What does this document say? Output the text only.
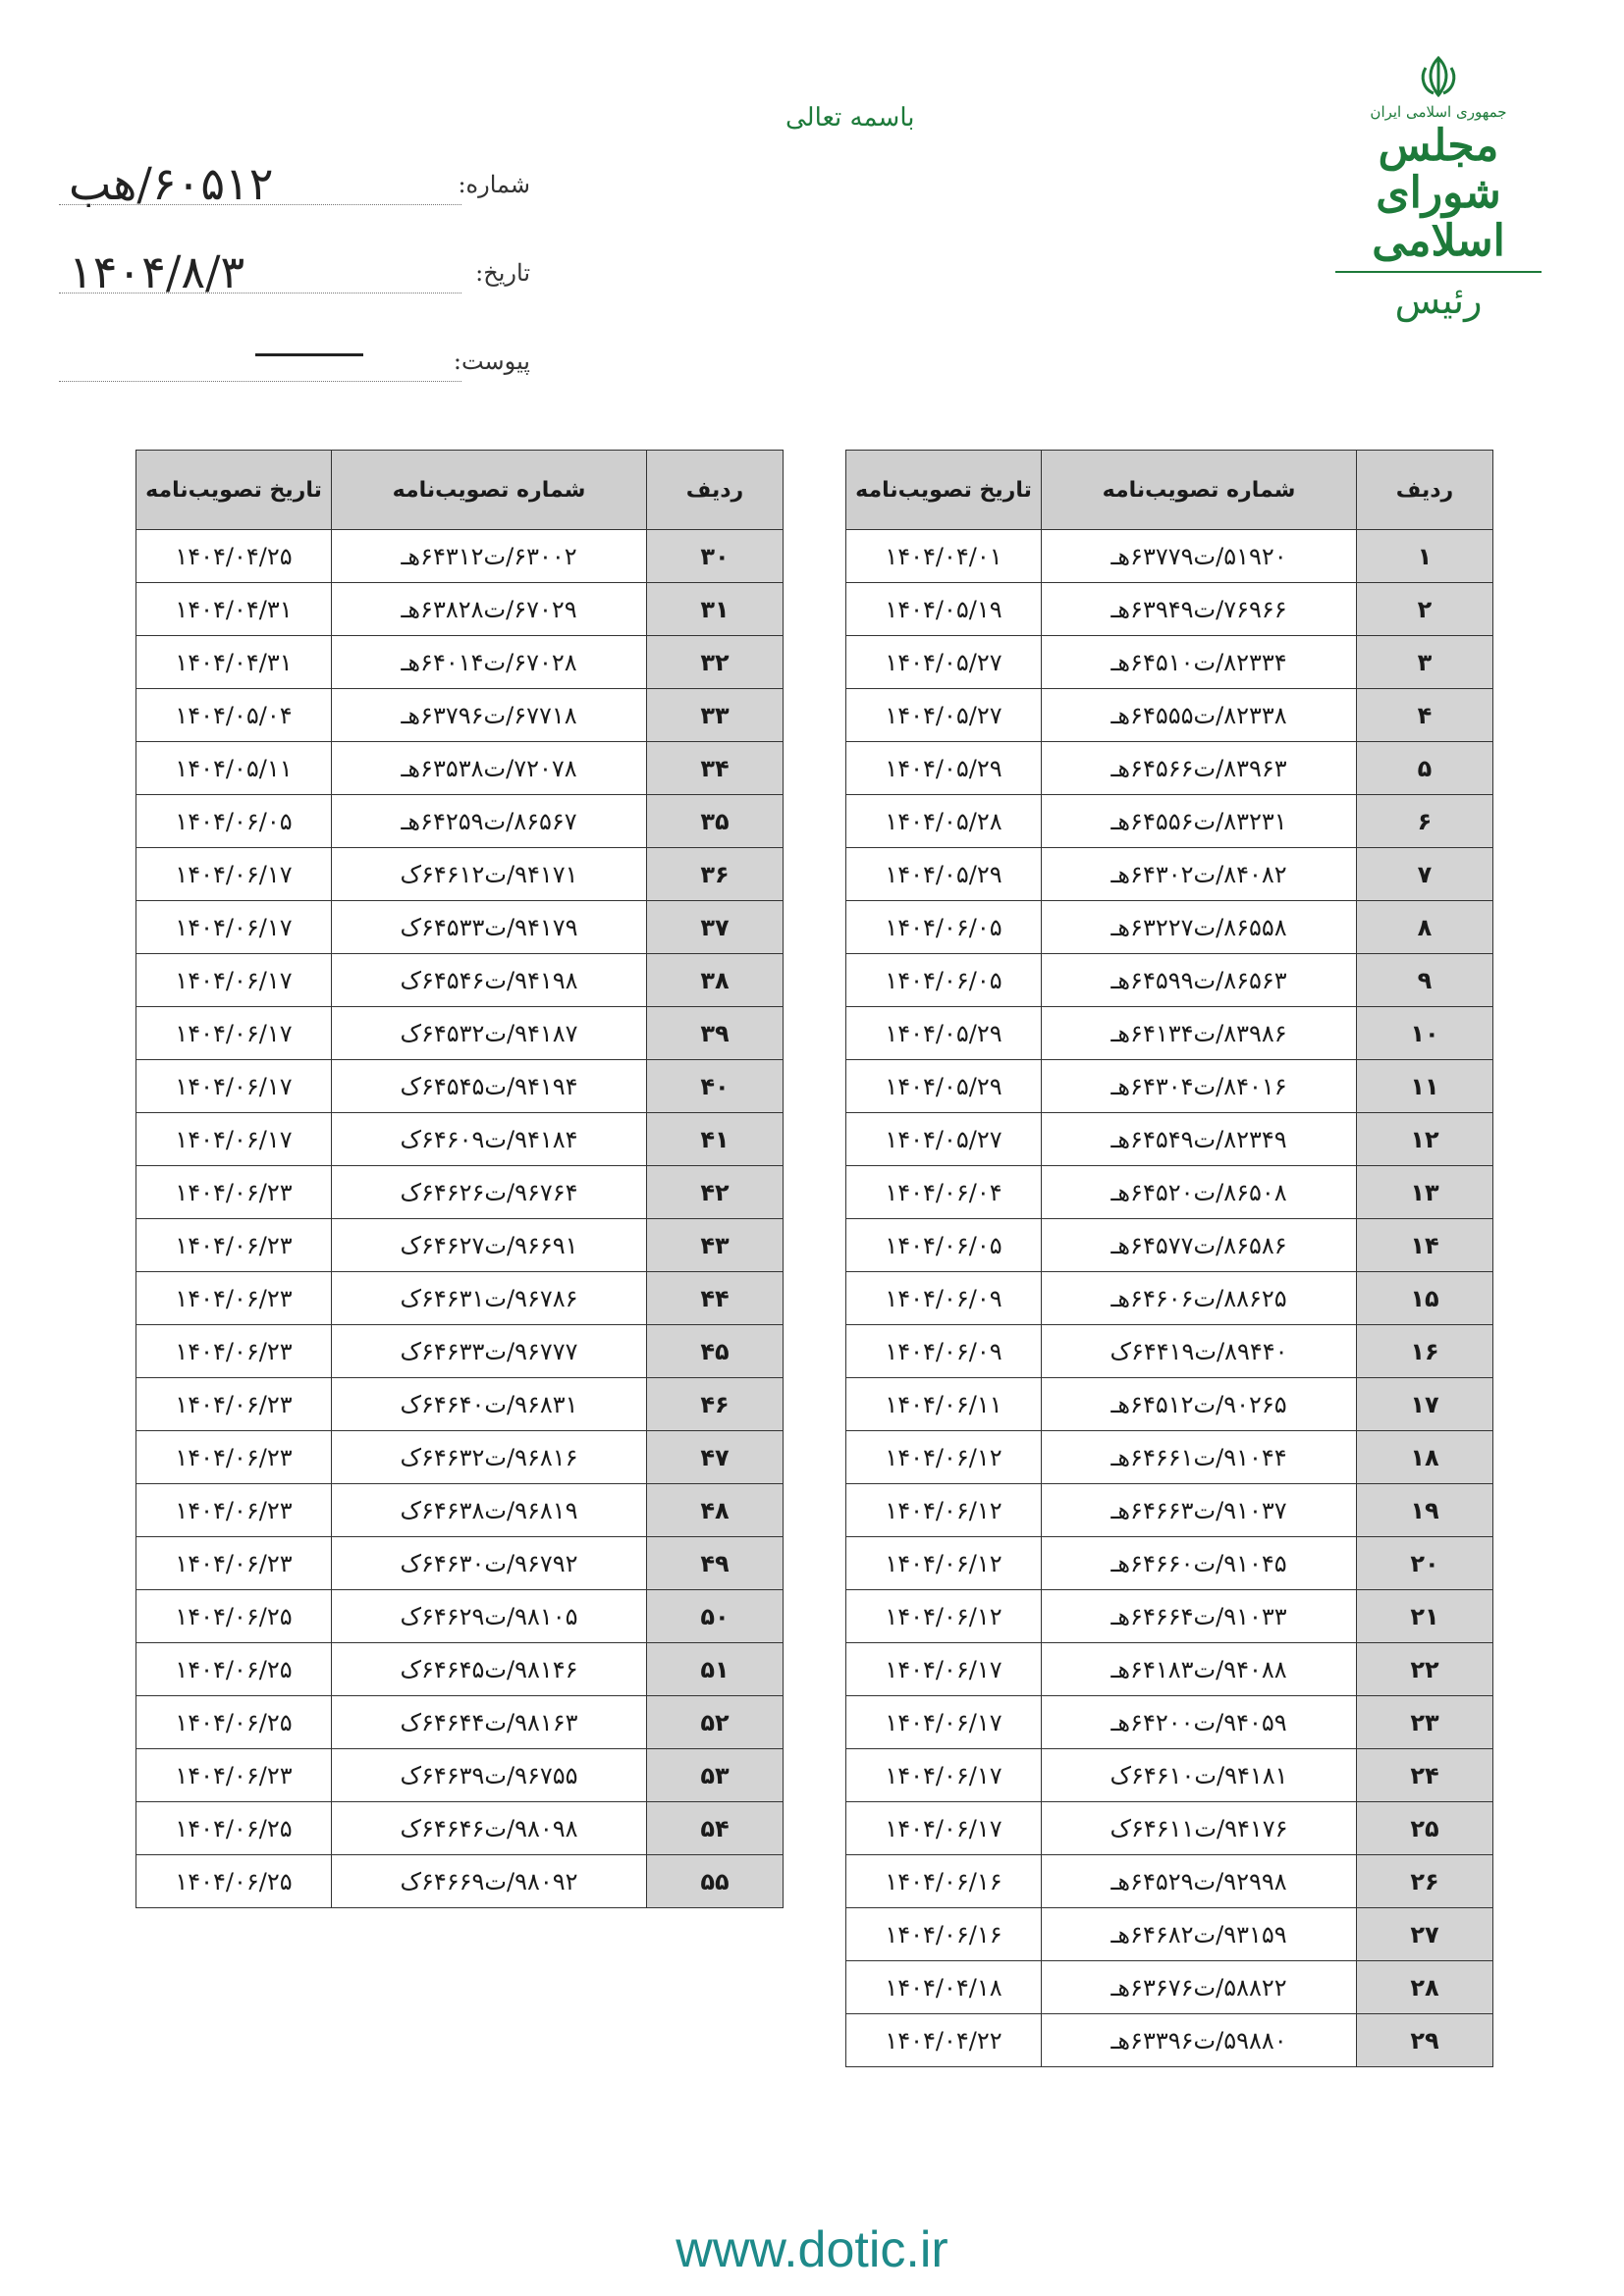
جمهوری اسلامی ایران
مجلس شورای اسلامی
رئیس
باسمه تعالی
شماره:
۶۰۵۱۲/هب
تاریخ:
۱۴۰۴/۸/۳
پیوست:

ردیف	شماره تصویب‌نامه	تاریخ تصویب‌نامه
۱	۵۱۹۲۰/ت۶۳۷۷۹هـ	۱۴۰۴/۰۴/۰۱
۲	۷۶۹۶۶/ت۶۳۹۴۹هـ	۱۴۰۴/۰۵/۱۹
۳	۸۲۳۳۴/ت۶۴۵۱۰هـ	۱۴۰۴/۰۵/۲۷
۴	۸۲۳۳۸/ت۶۴۵۵۵هـ	۱۴۰۴/۰۵/۲۷
۵	۸۳۹۶۳/ت۶۴۵۶۶هـ	۱۴۰۴/۰۵/۲۹
۶	۸۳۲۳۱/ت۶۴۵۵۶هـ	۱۴۰۴/۰۵/۲۸
۷	۸۴۰۸۲/ت۶۴۳۰۲هـ	۱۴۰۴/۰۵/۲۹
۸	۸۶۵۵۸/ت۶۳۲۲۷هـ	۱۴۰۴/۰۶/۰۵
۹	۸۶۵۶۳/ت۶۴۵۹۹هـ	۱۴۰۴/۰۶/۰۵
۱۰	۸۳۹۸۶/ت۶۴۱۳۴هـ	۱۴۰۴/۰۵/۲۹
۱۱	۸۴۰۱۶/ت۶۴۳۰۴هـ	۱۴۰۴/۰۵/۲۹
۱۲	۸۲۳۴۹/ت۶۴۵۴۹هـ	۱۴۰۴/۰۵/۲۷
۱۳	۸۶۵۰۸/ت۶۴۵۲۰هـ	۱۴۰۴/۰۶/۰۴
۱۴	۸۶۵۸۶/ت۶۴۵۷۷هـ	۱۴۰۴/۰۶/۰۵
۱۵	۸۸۶۲۵/ت۶۴۶۰۶هـ	۱۴۰۴/۰۶/۰۹
۱۶	۸۹۴۴۰/ت۶۴۴۱۹ک	۱۴۰۴/۰۶/۰۹
۱۷	۹۰۲۶۵/ت۶۴۵۱۲هـ	۱۴۰۴/۰۶/۱۱
۱۸	۹۱۰۴۴/ت۶۴۶۶۱هـ	۱۴۰۴/۰۶/۱۲
۱۹	۹۱۰۳۷/ت۶۴۶۶۳هـ	۱۴۰۴/۰۶/۱۲
۲۰	۹۱۰۴۵/ت۶۴۶۶۰هـ	۱۴۰۴/۰۶/۱۲
۲۱	۹۱۰۳۳/ت۶۴۶۶۴هـ	۱۴۰۴/۰۶/۱۲
۲۲	۹۴۰۸۸/ت۶۴۱۸۳هـ	۱۴۰۴/۰۶/۱۷
۲۳	۹۴۰۵۹/ت۶۴۲۰۰هـ	۱۴۰۴/۰۶/۱۷
۲۴	۹۴۱۸۱/ت۶۴۶۱۰ک	۱۴۰۴/۰۶/۱۷
۲۵	۹۴۱۷۶/ت۶۴۶۱۱ک	۱۴۰۴/۰۶/۱۷
۲۶	۹۲۹۹۸/ت۶۴۵۲۹هـ	۱۴۰۴/۰۶/۱۶
۲۷	۹۳۱۵۹/ت۶۴۶۸۲هـ	۱۴۰۴/۰۶/۱۶
۲۸	۵۸۸۲۲/ت۶۳۶۷۶هـ	۱۴۰۴/۰۴/۱۸
۲۹	۵۹۸۸۰/ت۶۳۳۹۶هـ	۱۴۰۴/۰۴/۲۲
ردیف	شماره تصویب‌نامه	تاریخ تصویب‌نامه
۳۰	۶۳۰۰۲/ت۶۴۳۱۲هـ	۱۴۰۴/۰۴/۲۵
۳۱	۶۷۰۲۹/ت۶۳۸۲۸هـ	۱۴۰۴/۰۴/۳۱
۳۲	۶۷۰۲۸/ت۶۴۰۱۴هـ	۱۴۰۴/۰۴/۳۱
۳۳	۶۷۷۱۸/ت۶۳۷۹۶هـ	۱۴۰۴/۰۵/۰۴
۳۴	۷۲۰۷۸/ت۶۳۵۳۸هـ	۱۴۰۴/۰۵/۱۱
۳۵	۸۶۵۶۷/ت۶۴۲۵۹هـ	۱۴۰۴/۰۶/۰۵
۳۶	۹۴۱۷۱/ت۶۴۶۱۲ک	۱۴۰۴/۰۶/۱۷
۳۷	۹۴۱۷۹/ت۶۴۵۳۳ک	۱۴۰۴/۰۶/۱۷
۳۸	۹۴۱۹۸/ت۶۴۵۴۶ک	۱۴۰۴/۰۶/۱۷
۳۹	۹۴۱۸۷/ت۶۴۵۳۲ک	۱۴۰۴/۰۶/۱۷
۴۰	۹۴۱۹۴/ت۶۴۵۴۵ک	۱۴۰۴/۰۶/۱۷
۴۱	۹۴۱۸۴/ت۶۴۶۰۹ک	۱۴۰۴/۰۶/۱۷
۴۲	۹۶۷۶۴/ت۶۴۶۲۶ک	۱۴۰۴/۰۶/۲۳
۴۳	۹۶۶۹۱/ت۶۴۶۲۷ک	۱۴۰۴/۰۶/۲۳
۴۴	۹۶۷۸۶/ت۶۴۶۳۱ک	۱۴۰۴/۰۶/۲۳
۴۵	۹۶۷۷۷/ت۶۴۶۳۳ک	۱۴۰۴/۰۶/۲۳
۴۶	۹۶۸۳۱/ت۶۴۶۴۰ک	۱۴۰۴/۰۶/۲۳
۴۷	۹۶۸۱۶/ت۶۴۶۳۲ک	۱۴۰۴/۰۶/۲۳
۴۸	۹۶۸۱۹/ت۶۴۶۳۸ک	۱۴۰۴/۰۶/۲۳
۴۹	۹۶۷۹۲/ت۶۴۶۳۰ک	۱۴۰۴/۰۶/۲۳
۵۰	۹۸۱۰۵/ت۶۴۶۲۹ک	۱۴۰۴/۰۶/۲۵
۵۱	۹۸۱۴۶/ت۶۴۶۴۵ک	۱۴۰۴/۰۶/۲۵
۵۲	۹۸۱۶۳/ت۶۴۶۴۴ک	۱۴۰۴/۰۶/۲۵
۵۳	۹۶۷۵۵/ت۶۴۶۳۹ک	۱۴۰۴/۰۶/۲۳
۵۴	۹۸۰۹۸/ت۶۴۶۴۶ک	۱۴۰۴/۰۶/۲۵
۵۵	۹۸۰۹۲/ت۶۴۶۶۹ک	۱۴۰۴/۰۶/۲۵
www.dotic.ir
